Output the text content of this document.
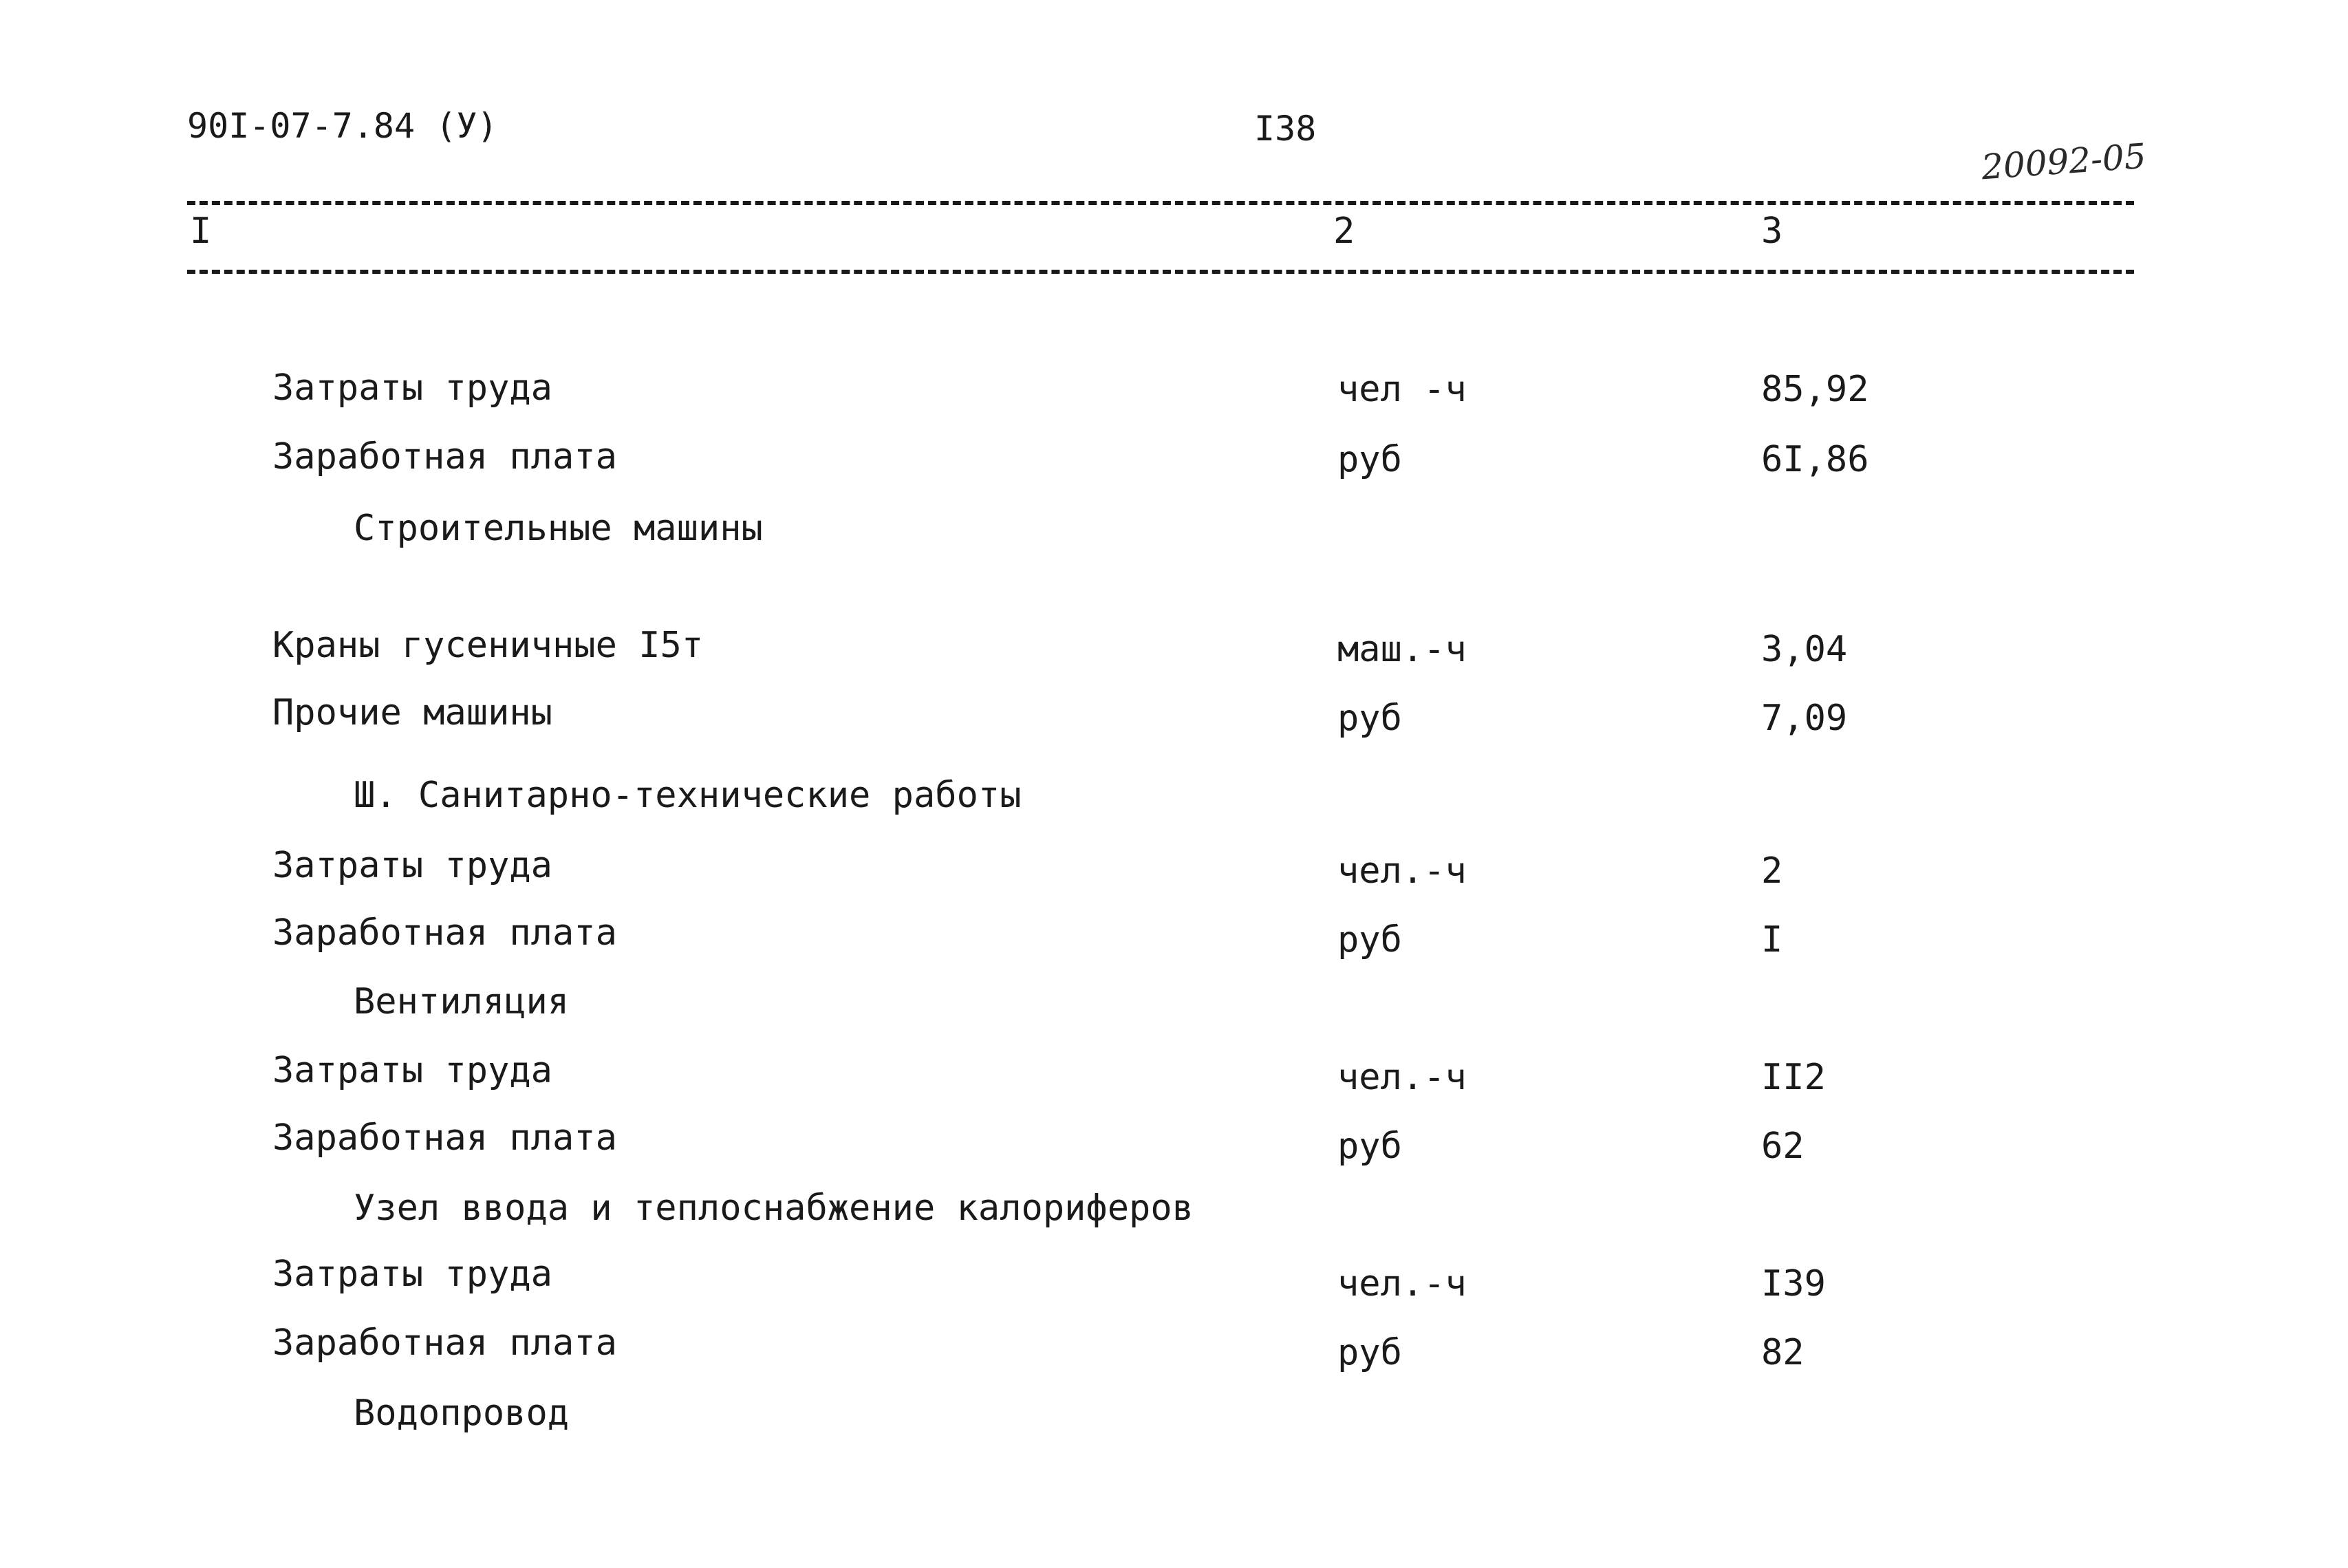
90I-07-7.84 (У)	I38
20092-05
I	2	3
Затраты труда	чел -ч	85,92
Заработная плата	руб	6I,86
Строительные машины
Краны гусеничные I5т	маш.-ч	3,04
Прочие машины	руб	7,09
Ш. Санитарно-технические работы
Затраты труда	чел.-ч	2
Заработная плата	руб	I
Вентиляция
Затраты труда	чел.-ч	II2
Заработная плата	руб	62
Узел ввода и теплоснабжение калориферов
Затраты труда	чел.-ч	I39
Заработная плата	руб	82
Водопровод
